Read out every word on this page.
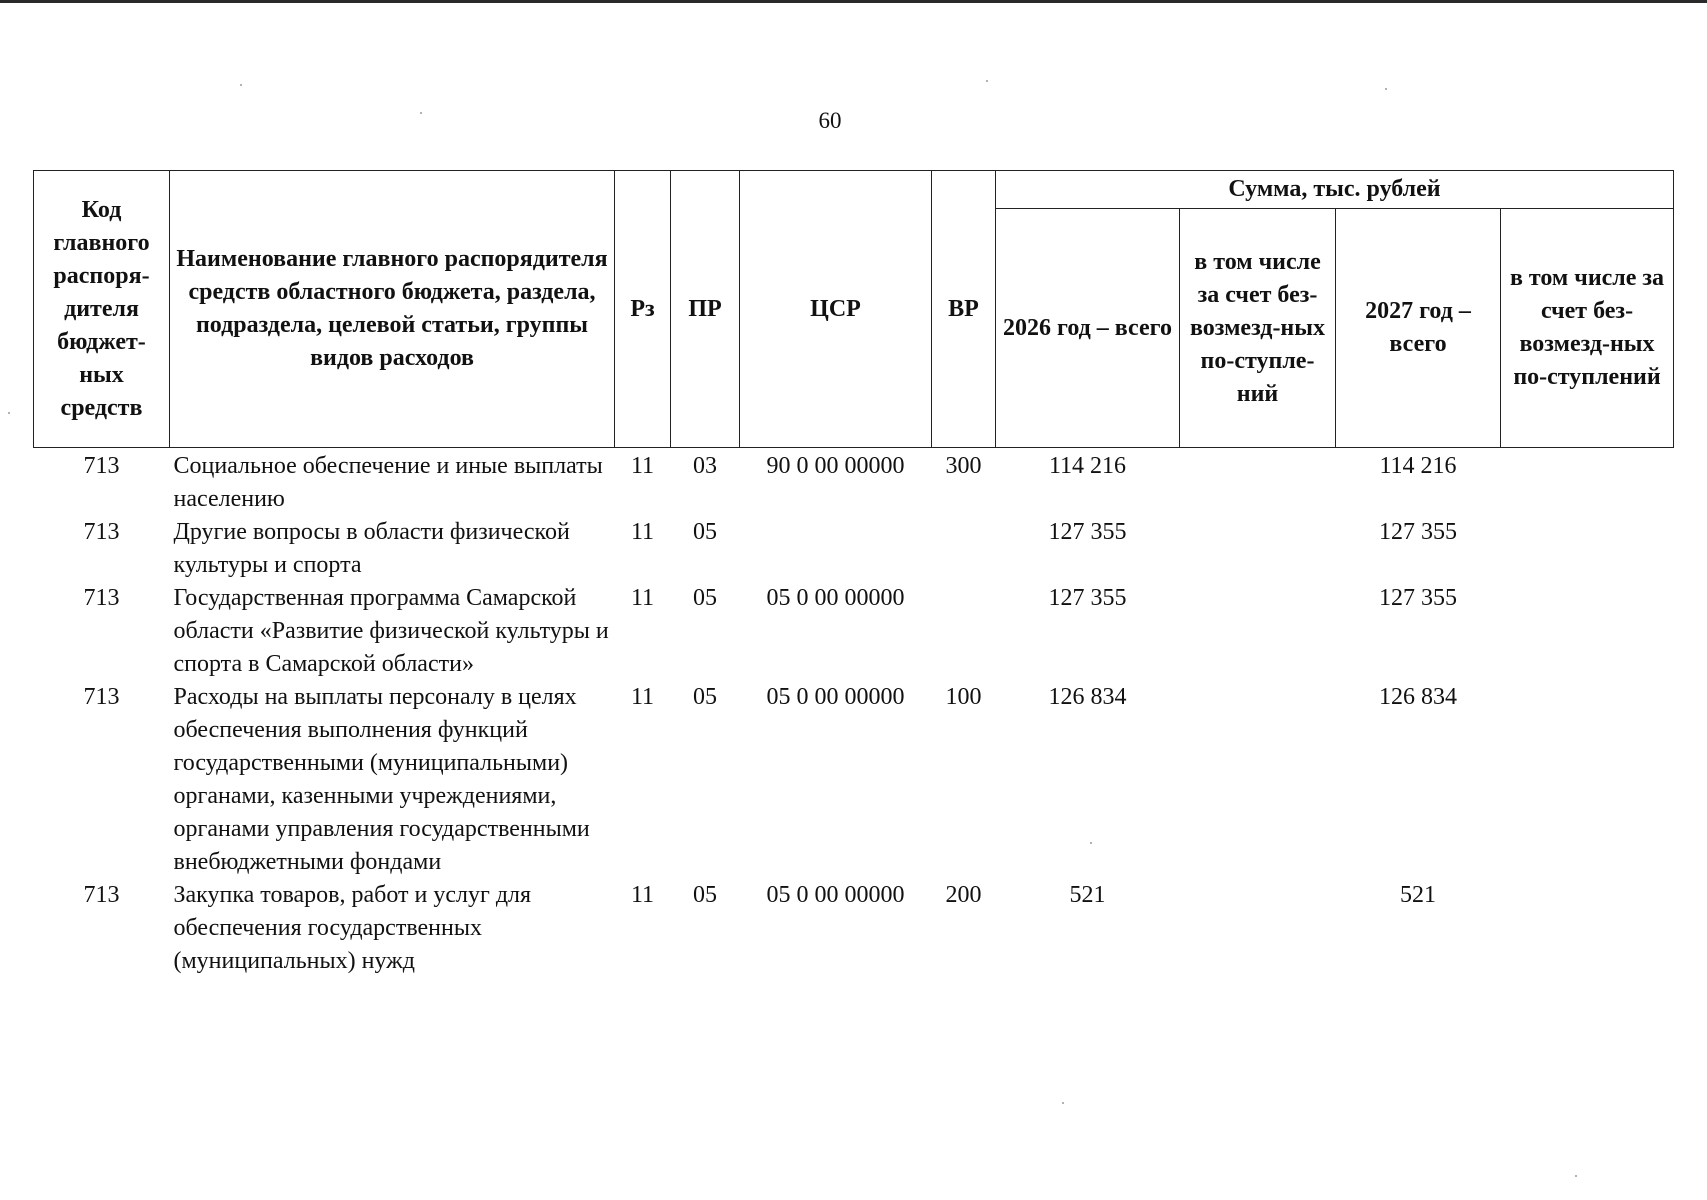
60
Код главного распоря-дителя бюджет-ных средств	Наименование главного распорядителя средств областного бюджета, раздела, подраздела, целевой статьи, группы видов расходов	Рз	ПР	ЦСР	ВР	Сумма, тыс. рублей			
						2026 год – всего	в том числе за счет без-возмезд-ных по-ступле-ний	2027 год – всего	в том числе за счет без-возмезд-ных по-ступлений
713	Социальное обеспечение и иные выплаты населению	11	03	90 0 00 00000	300	114 216		114 216	
713	Другие вопросы в области физической культуры и спорта	11	05			127 355		127 355	
713	Государственная программа Самарской области «Развитие физической культуры и спорта в Самарской области»	11	05	05 0 00 00000		127 355		127 355	
713	Расходы на выплаты персоналу в целях обеспечения выполнения функций государственными (муниципальными) органами, казенными учреждениями, органами управления государственными внебюджетными фондами	11	05	05 0 00 00000	100	126 834		126 834	
713	Закупка товаров, работ и услуг для обеспечения государственных (муниципальных) нужд	11	05	05 0 00 00000	200	521		521	
